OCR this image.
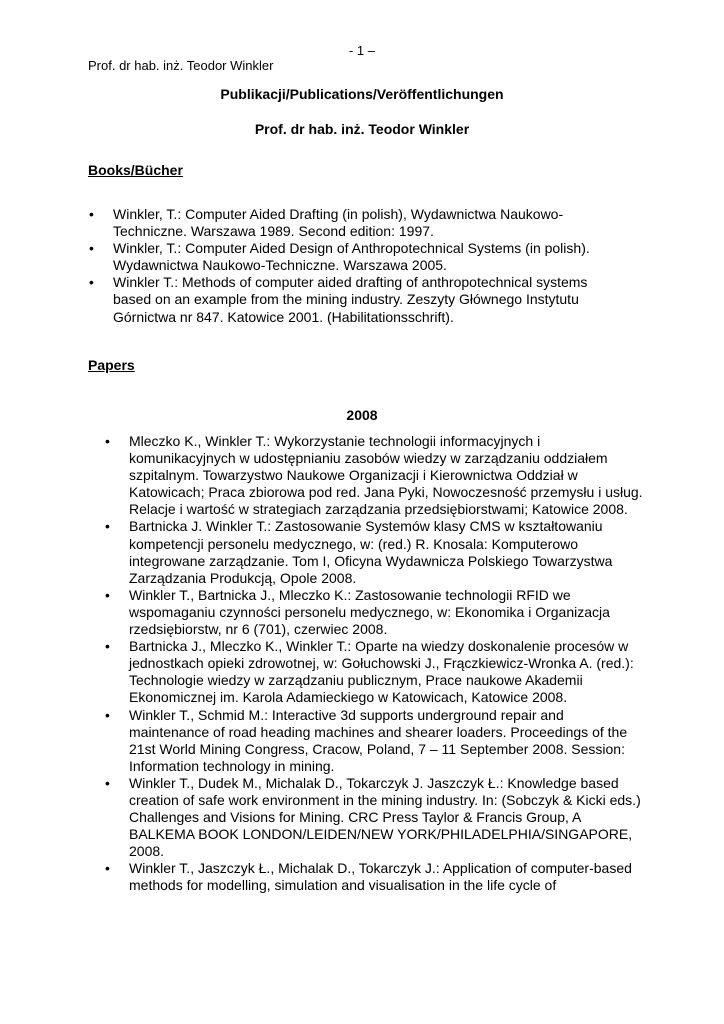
- 1 –
Prof. dr hab. inż. Teodor Winkler
Publikacji/Publications/Veröffentlichungen
Prof. dr hab. inż. Teodor Winkler
Books/Bücher
• Winkler, T.: Computer Aided Drafting (in polish), Wydawnictwa Naukowo-Techniczne. Warszawa 1989. Second edition: 1997.
• Winkler, T.: Computer Aided Design of Anthropotechnical Systems (in polish). Wydawnictwa Naukowo-Techniczne. Warszawa 2005.
• Winkler T.: Methods of computer aided drafting of anthropotechnical systems based on an example from the mining industry. Zeszyty Głównego Instytutu Górnictwa nr 847. Katowice 2001. (Habilitationsschrift).
Papers
2008
• Mleczko K., Winkler T.: Wykorzystanie technologii informacyjnych i komunikacyjnych w udostępnianiu zasobów wiedzy w zarządzaniu oddziałem szpitalnym. Towarzystwo Naukowe Organizacji i Kierownictwa Oddział w Katowicach; Praca zbiorowa pod red. Jana Pyki, Nowoczesność przemysłu i usług. Relacje i wartość w strategiach zarządzania przedsiębiorstwami; Katowice 2008.
• Bartnicka J. Winkler T.: Zastosowanie Systemów klasy CMS w kształtowaniu kompetencji personelu medycznego, w: (red.) R. Knosala: Komputerowo integrowane zarządzanie. Tom I, Oficyna Wydawnicza Polskiego Towarzystwa Zarządzania Produkcją, Opole 2008.
• Winkler T., Bartnicka J., Mleczko K.: Zastosowanie technologii RFID we wspomaganiu czynności personelu medycznego, w: Ekonomika i Organizacja rzedsiębiorstw, nr 6 (701), czerwiec 2008.
• Bartnicka J., Mleczko K., Winkler T.: Oparte na wiedzy doskonalenie procesów w jednostkach opieki zdrowotnej, w: Gołuchowski J., Frączkiewicz-Wronka A. (red.): Technologie wiedzy w zarządzaniu publicznym, Prace naukowe Akademii Ekonomicznej im. Karola Adamieckiego w Katowicach, Katowice 2008.
• Winkler T., Schmid M.: Interactive 3d supports underground repair and maintenance of road heading machines and shearer loaders. Proceedings of the 21st World Mining Congress, Cracow, Poland, 7 – 11 September 2008. Session: Information technology in mining.
• Winkler T., Dudek M., Michalak D., Tokarczyk J. Jaszczyk Ł.: Knowledge based creation of safe work environment in the mining industry. In: (Sobczyk & Kicki eds.) Challenges and Visions for Mining. CRC Press Taylor & Francis Group, A BALKEMA BOOK LONDON/LEIDEN/NEW YORK/PHILADELPHIA/SINGAPORE, 2008.
• Winkler T., Jaszczyk Ł., Michalak D., Tokarczyk J.: Application of computer-based methods for modelling, simulation and visualisation in the life cycle of
